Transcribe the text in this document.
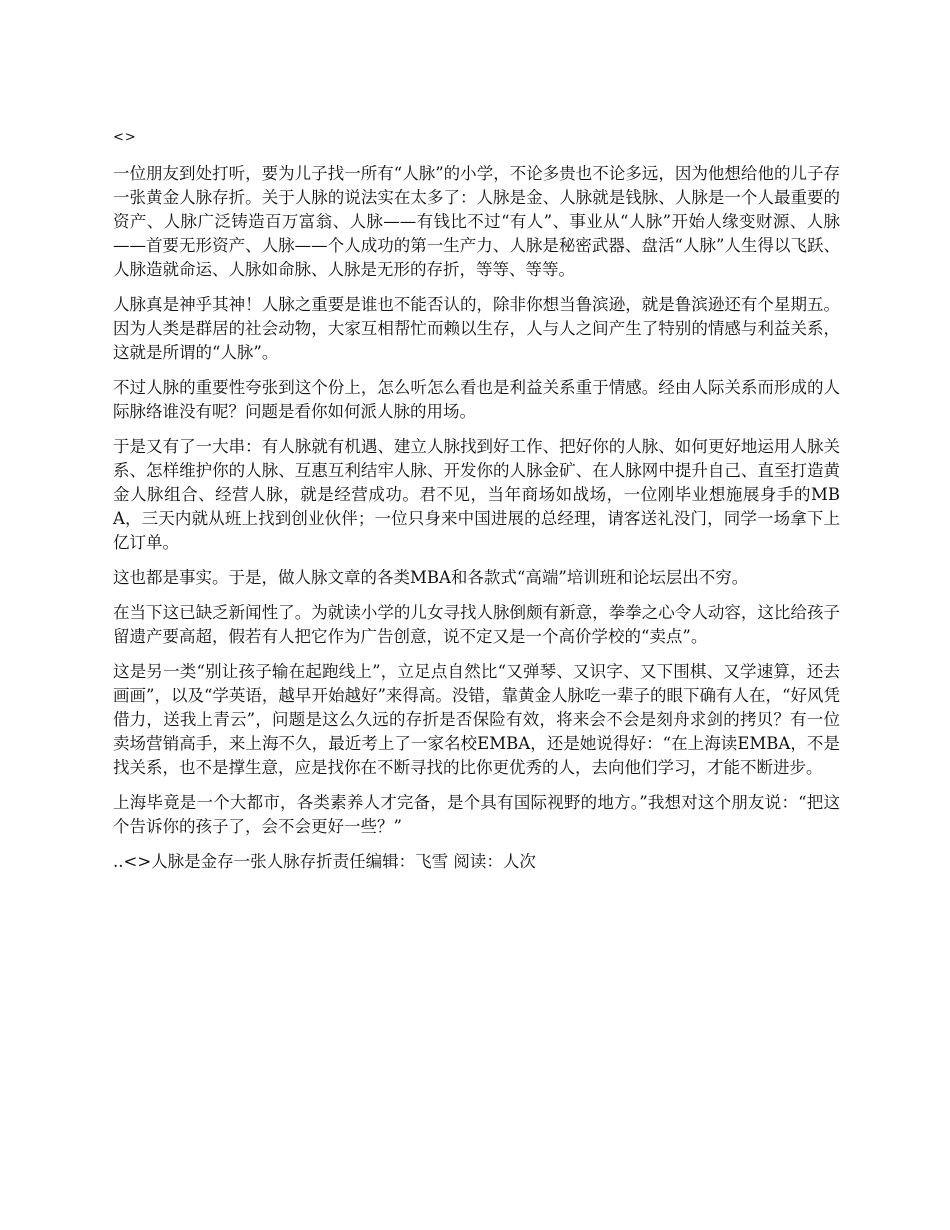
<>

一位朋友到处打听，要为儿子找一所有“人脉”的小学，不论多贵也不论多远，因为他想给他的儿子存一张黄金人脉存折。关于人脉的说法实在太多了：人脉是金、人脉就是钱脉、人脉是一个人最重要的资产、人脉广泛铸造百万富翁、人脉——有钱比不过“有人”、事业从“人脉”开始人缘变财源、人脉——首要无形资产、人脉——个人成功的第一生产力、人脉是秘密武器、盘活“人脉”人生得以飞跃、人脉造就命运、人脉如命脉、人脉是无形的存折，等等、等等。

人脉真是神乎其神！人脉之重要是谁也不能否认的，除非你想当鲁滨逊，就是鲁滨逊还有个星期五。因为人类是群居的社会动物，大家互相帮忙而赖以生存，人与人之间产生了特别的情感与利益关系，这就是所谓的“人脉”。

不过人脉的重要性夸张到这个份上，怎么听怎么看也是利益关系重于情感。经由人际关系而形成的人际脉络谁没有呢？问题是看你如何派人脉的用场。

于是又有了一大串：有人脉就有机遇、建立人脉找到好工作、把好你的人脉、如何更好地运用人脉关系、怎样维护你的人脉、互惠互利结牢人脉、开发你的人脉金矿、在人脉网中提升自己、直至打造黄金人脉组合、经营人脉，就是经营成功。君不见，当年商场如战场，一位刚毕业想施展身手的MBA，三天内就从班上找到创业伙伴；一位只身来中国进展的总经理，请客送礼没门，同学一场拿下上亿订单。

这也都是事实。于是，做人脉文章的各类MBA和各款式“高端”培训班和论坛层出不穷。

在当下这已缺乏新闻性了。为就读小学的儿女寻找人脉倒颇有新意，拳拳之心令人动容，这比给孩子留遗产要高超，假若有人把它作为广告创意，说不定又是一个高价学校的“卖点”。

这是另一类“别让孩子输在起跑线上”，立足点自然比“又弹琴、又识字、又下围棋、又学速算，还去画画”，以及“学英语，越早开始越好”来得高。没错，靠黄金人脉吃一辈子的眼下确有人在，“好风凭借力，送我上青云”，问题是这么久远的存折是否保险有效，将来会不会是刻舟求剑的拷贝？有一位卖场营销高手，来上海不久，最近考上了一家名校EMBA，还是她说得好：“在上海读EMBA，不是找关系，也不是撑生意，应是找你在不断寻找的比你更优秀的人，去向他们学习，才能不断进步。

上海毕竟是一个大都市，各类素养人才完备，是个具有国际视野的地方。”我想对这个朋友说：“把这个告诉你的孩子了，会不会更好一些？”

..<>人脉是金存一张人脉存折责任编辑：飞雪 阅读：人次
